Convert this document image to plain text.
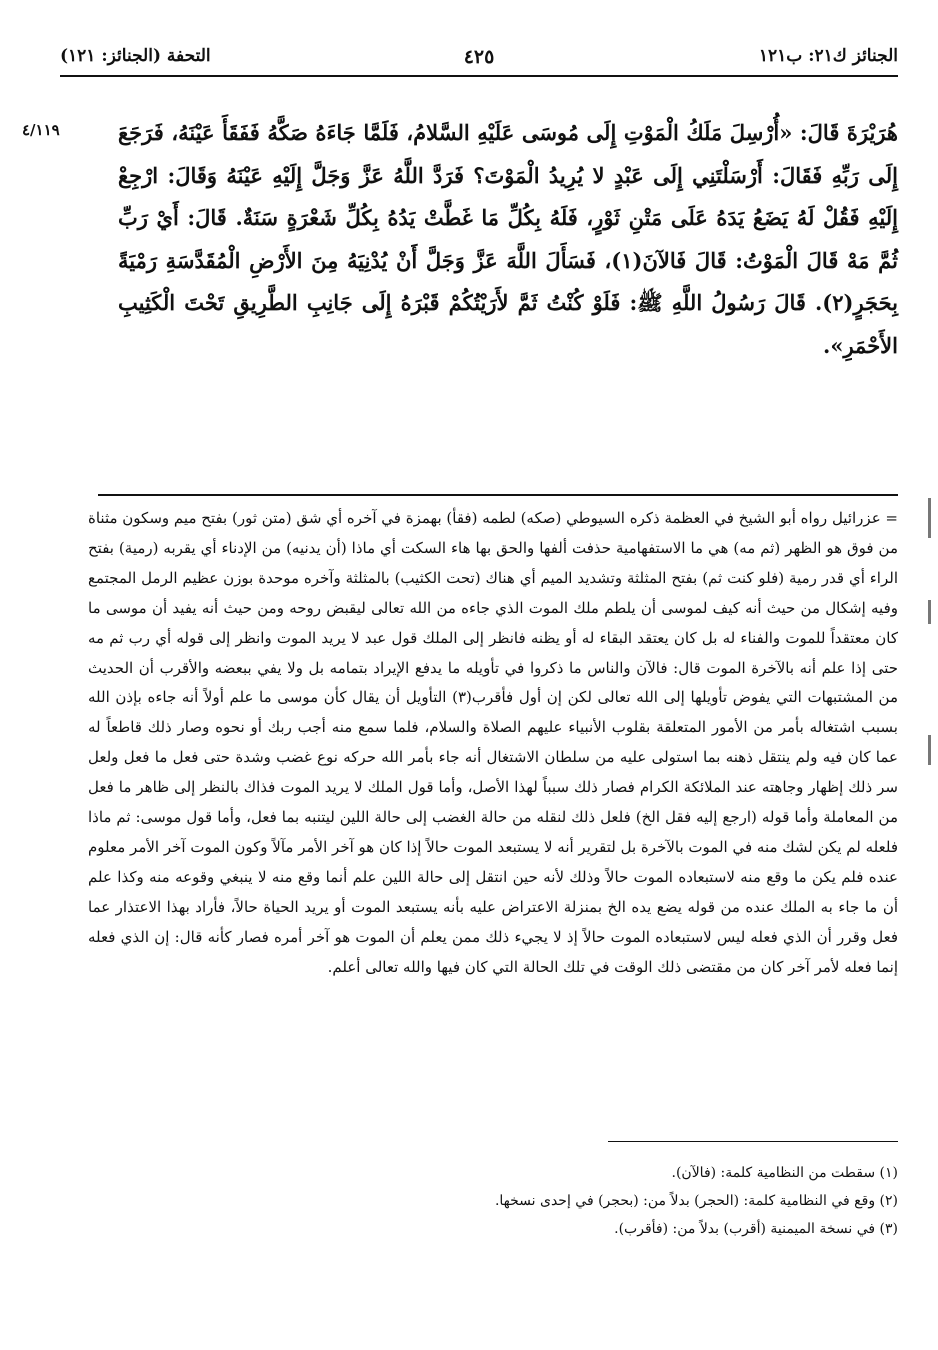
الجنائز ك٢١: ب١٢١
٤٢٥
التحفة (الجنائز: ١٢١)
٤/١١٩	هُرَيْرَةَ قَالَ: «أُرْسِلَ مَلَكُ الْمَوْتِ إِلَى مُوسَى عَلَيْهِ السَّلامُ، فَلَمَّا جَاءَهُ صَكَّهُ فَفَقَأَ عَيْنَهُ، فَرَجَعَ إِلَى رَبِّهِ فَقَالَ: أَرْسَلْتَنِي إِلَى عَبْدٍ لا يُرِيدُ الْمَوْتَ؟ فَرَدَّ اللَّهُ عَزَّ وَجَلَّ إِلَيْهِ عَيْنَهُ وَقَالَ: ارْجِعْ إِلَيْهِ فَقُلْ لَهُ يَضَعُ يَدَهُ عَلَى مَتْنِ ثَوْرٍ، فَلَهُ بِكُلِّ مَا غَطَّتْ يَدُهُ بِكُلِّ شَعْرَةٍ سَنَةٌ. قَالَ: أَيْ رَبِّ ثُمَّ مَهْ قَالَ الْمَوْتُ: قَالَ فَالآنَ(١)، فَسَأَلَ اللَّهَ عَزَّ وَجَلَّ أَنْ يُدْنِيَهُ مِنَ الأَرْضِ الْمُقَدَّسَةِ رَمْيَةً بِحَجَرٍ(٢). قَالَ رَسُولُ اللَّهِ ﷺ: فَلَوْ كُنْتُ ثَمَّ لأَرَيْتُكُمْ قَبْرَهُ إِلَى جَانِبِ الطَّرِيقِ تَحْتَ الْكَثِيبِ الأَحْمَرِ».
= عزرائيل رواه أبو الشيخ في العظمة ذكره السيوطي (صكه) لطمه (فقأ) بهمزة في آخره أي شق (متن ثور) بفتح ميم وسكون مثناة من فوق هو الظهر (ثم مه) هي ما الاستفهامية حذفت ألفها والحق بها هاء السكت أي ماذا (أن يدنيه) من الإدناء أي يقربه (رمية) بفتح الراء أي قدر رمية (فلو كنت ثم) بفتح المثلثة وتشديد الميم أي هناك (تحت الكثيب) بالمثلثة وآخره موحدة بوزن عظيم الرمل المجتمع وفيه إشكال من حيث أنه كيف لموسى أن يلطم ملك الموت الذي جاءه من الله تعالى ليقبض روحه ومن حيث أنه يفيد أن موسى ما كان معتقداً للموت والفناء له بل كان يعتقد البقاء له أو يظنه فانظر إلى الملك قول عبد لا يريد الموت وانظر إلى قوله أي رب ثم مه حتى إذا علم أنه بالآخرة الموت قال: فالآن والناس ما ذكروا في تأويله ما يدفع الإيراد بتمامه بل ولا يفي ببعضه والأقرب أن الحديث من المشتبهات التي يفوض تأويلها إلى الله تعالى لكن إن أول فأقرب(٣) التأويل أن يقال كأن موسى ما علم أولاً أنه جاءه بإذن الله بسبب اشتغاله بأمر من الأمور المتعلقة بقلوب الأنبياء عليهم الصلاة والسلام، فلما سمع منه أجب ربك أو نحوه وصار ذلك قاطعاً له عما كان فيه ولم ينتقل ذهنه بما استولى عليه من سلطان الاشتغال أنه جاء بأمر الله حركه نوع غضب وشدة حتى فعل ما فعل ولعل سر ذلك إظهار وجاهته عند الملائكة الكرام فصار ذلك سبباً لهذا الأصل، وأما قول الملك لا يريد الموت فذاك بالنظر إلى ظاهر ما فعل من المعاملة وأما قوله (ارجع إليه فقل الخ) فلعل ذلك لنقله من حالة الغضب إلى حالة اللين ليتنبه بما فعل، وأما قول موسى: ثم ماذا فلعله لم يكن لشك منه في الموت بالآخرة بل لتقرير أنه لا يستبعد الموت حالاً إذا كان هو آخر الأمر مآلاً وكون الموت آخر الأمر معلوم عنده فلم يكن ما وقع منه لاستبعاده الموت حالاً وذلك لأنه حين انتقل إلى حالة اللين علم أنما وقع منه لا ينبغي وقوعه منه وكذا علم أن ما جاء به الملك عنده من قوله يضع يده الخ بمنزلة الاعتراض عليه بأنه يستبعد الموت أو يريد الحياة حالاً، فأراد بهذا الاعتذار عما فعل وقرر أن الذي فعله ليس لاستبعاده الموت حالاً إذ لا يجيء ذلك ممن يعلم أن الموت هو آخر أمره فصار كأنه قال: إن الذي فعله إنما فعله لأمر آخر كان من مقتضى ذلك الوقت في تلك الحالة التي كان فيها والله تعالى أعلم.
(١) سقطت من النظامية كلمة: (فالآن).
(٢) وقع في النظامية كلمة: (الحجر) بدلاً من: (بحجر) في إحدى نسخها.
(٣) في نسخة الميمنية (أقرب) بدلاً من: (فأقرب).
